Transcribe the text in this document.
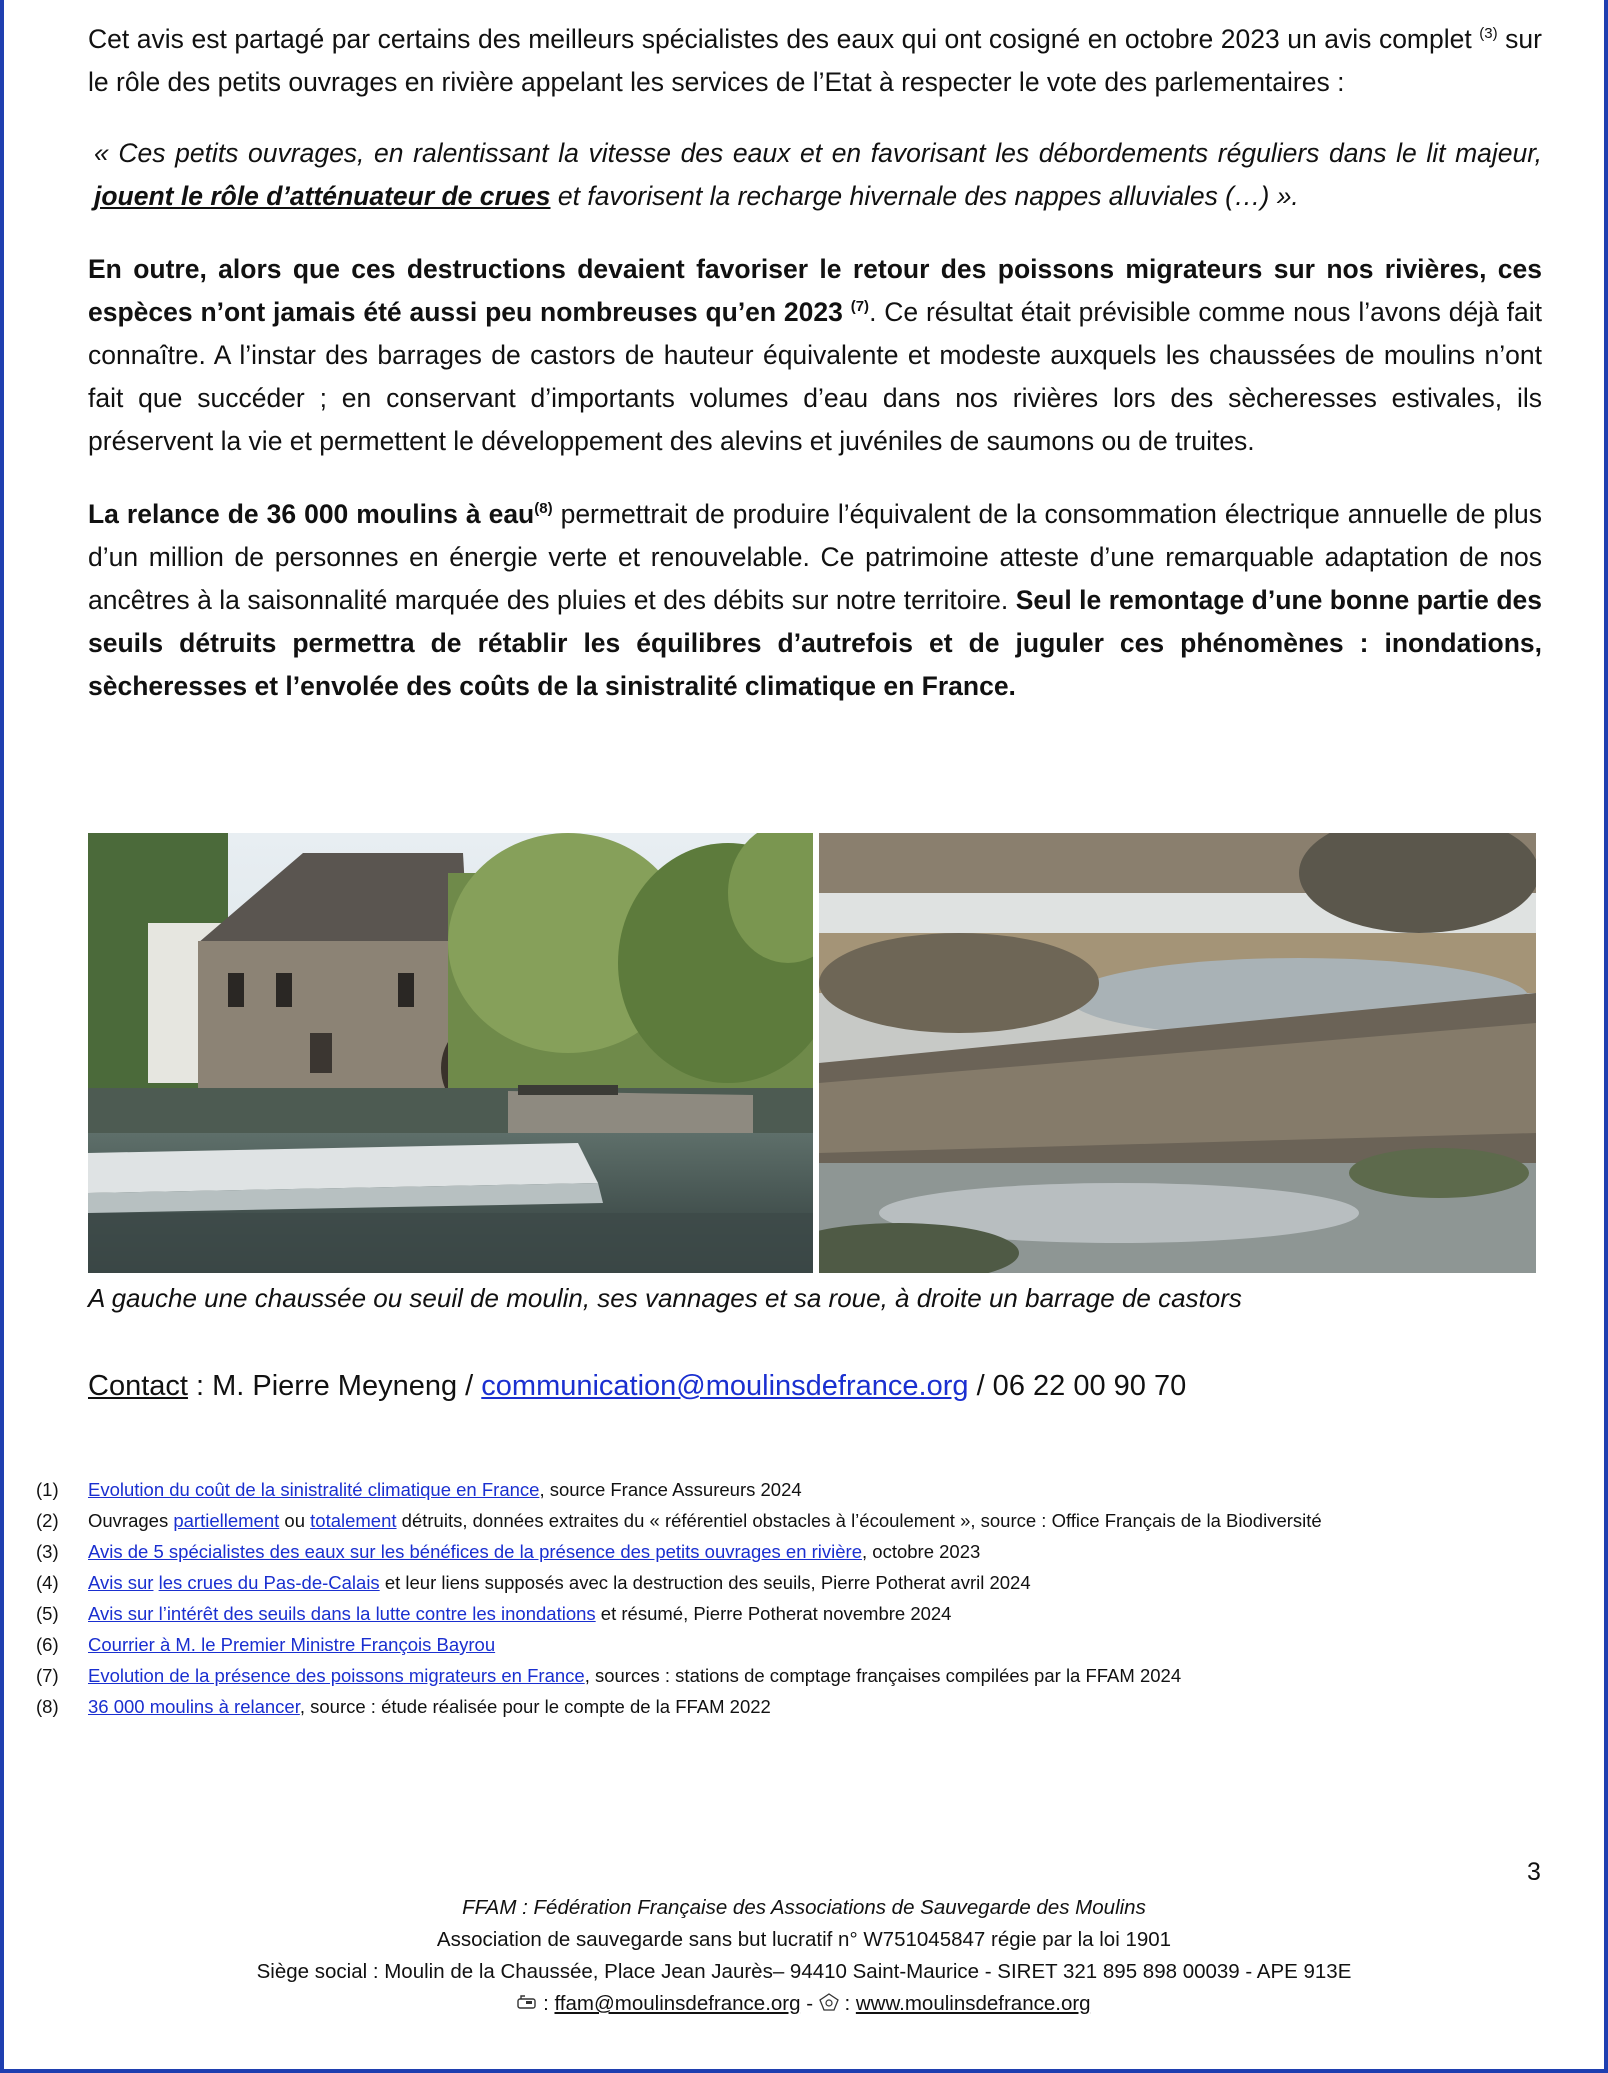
Cet avis est partagé par certains des meilleurs spécialistes des eaux qui ont cosigné en octobre 2023 un avis complet $^{(3)}$ sur le rôle des petits ouvrages en rivière appelant les services de l’Etat à respecter le vote des parlementaires :

« Ces petits ouvrages, en ralentissant la vitesse des eaux et en favorisant les débordements réguliers dans le lit majeur, jouent le rôle d’atténuateur de crues et favorisent la recharge hivernale des nappes alluviales (…) ».

En outre, alors que ces destructions devaient favoriser le retour des poissons migrateurs sur nos rivières, ces espèces n’ont jamais été aussi peu nombreuses qu’en 2023 $^{(7)}$. Ce résultat était prévisible comme nous l’avons déjà fait connaître. A l’instar des barrages de castors de hauteur équivalente et modeste auxquels les chaussées de moulins n’ont fait que succéder ; en conservant d’importants volumes d’eau dans nos rivières lors des sècheresses estivales, ils préservent la vie et permettent le développement des alevins et juvéniles de saumons ou de truites.

La relance de 36 000 moulins à eau$^{(8)}$ permettrait de produire l’équivalent de la consommation électrique annuelle de plus d’un million de personnes en énergie verte et renouvelable. Ce patrimoine atteste d’une remarquable adaptation de nos ancêtres à la saisonnalité marquée des pluies et des débits sur notre territoire. Seul le remontage d’une bonne partie des seuils détruits permettra de rétablir les équilibres d’autrefois et de juguler ces phénomènes : inondations, sècheresses et l’envolée des coûts de la sinistralité climatique en France.

A gauche une chaussée ou seuil de moulin, ses vannages et sa roue, à droite un barrage de castors

Contact : M. Pierre Meyneng / communication@moulinsdefrance.org / 06 22 00 90 70

(1)	Evolution du coût de la sinistralité climatique en France, source France Assureurs 2024
(2)	Ouvrages partiellement ou totalement détruits, données extraites du « référentiel obstacles à l’écoulement », source : Office Français de la Biodiversité
(3)	Avis de 5 spécialistes des eaux sur les bénéfices de la présence des petits ouvrages en rivière, octobre 2023
(4)	Avis sur les crues du Pas-de-Calais et leur liens supposés avec la destruction des seuils, Pierre Potherat avril 2024
(5)	Avis sur l’intérêt des seuils dans la lutte contre les inondations et résumé, Pierre Potherat novembre 2024
(6)	Courrier à M. le Premier Ministre François Bayrou
(7)	Evolution de la présence des poissons migrateurs en France, sources : stations de comptage françaises compilées par la FFAM 2024
(8)	36 000 moulins à relancer, source : étude réalisée pour le compte de la FFAM 2022
3
FFAM : Fédération Française des Associations de Sauvegarde des Moulins
Association de sauvegarde sans but lucratif n° W751045847 régie par la loi 1901
Siège social : Moulin de la Chaussée, Place Jean Jaurès– 94410 Saint-Maurice - SIRET 321 895 898 00039 - APE 913E
: ffam@moulinsdefrance.org -  : www.moulinsdefrance.org
